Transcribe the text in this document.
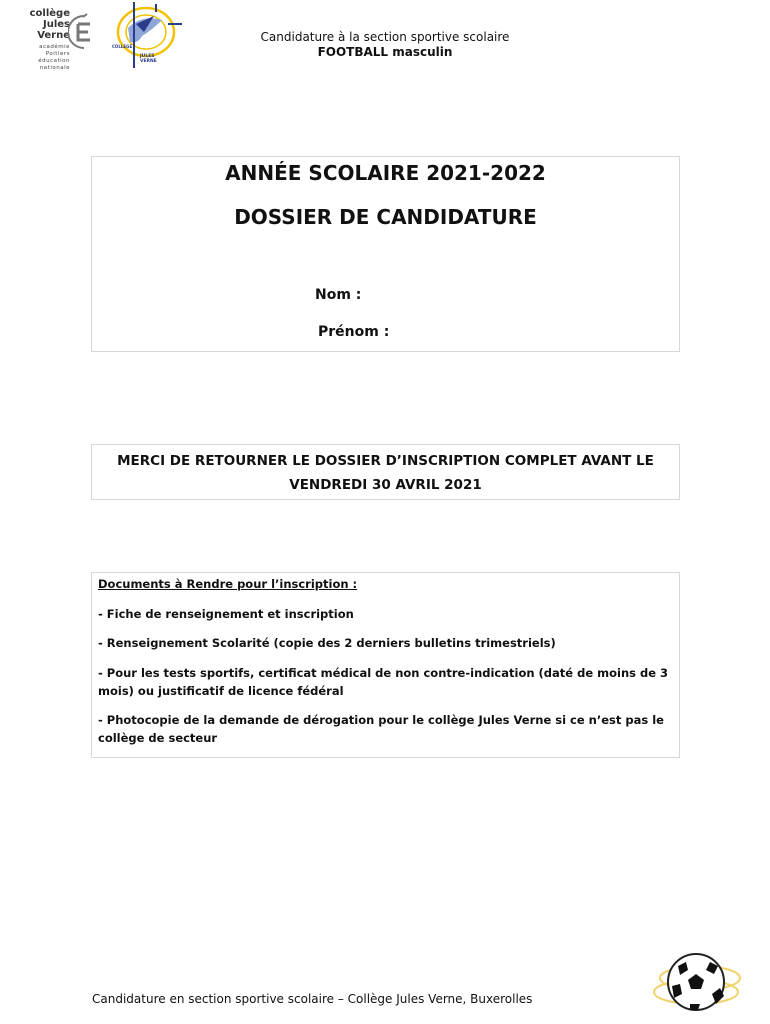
collège
Jules Verne
académie
Poitiers
éducation
nationale
COLLEGE
JULES VERNE
Candidature à la section sportive scolaire
FOOTBALL masculin
ANNÉE SCOLAIRE 2021-2022
DOSSIER DE CANDIDATURE
Nom :
Prénom :
MERCI DE RETOURNER LE DOSSIER D’INSCRIPTION COMPLET AVANT LE VENDREDI 30 AVRIL 2021
Documents à Rendre pour l’inscription :
- Fiche de renseignement et inscription
- Renseignement Scolarité (copie des 2 derniers bulletins trimestriels)
- Pour les tests sportifs, certificat médical de non contre-indication (daté de moins de 3 mois) ou justificatif de licence fédéral
- Photocopie de la demande de dérogation pour le collège Jules Verne si ce n’est pas le collège de secteur
Candidature en section sportive scolaire – Collège Jules Verne, Buxerolles
